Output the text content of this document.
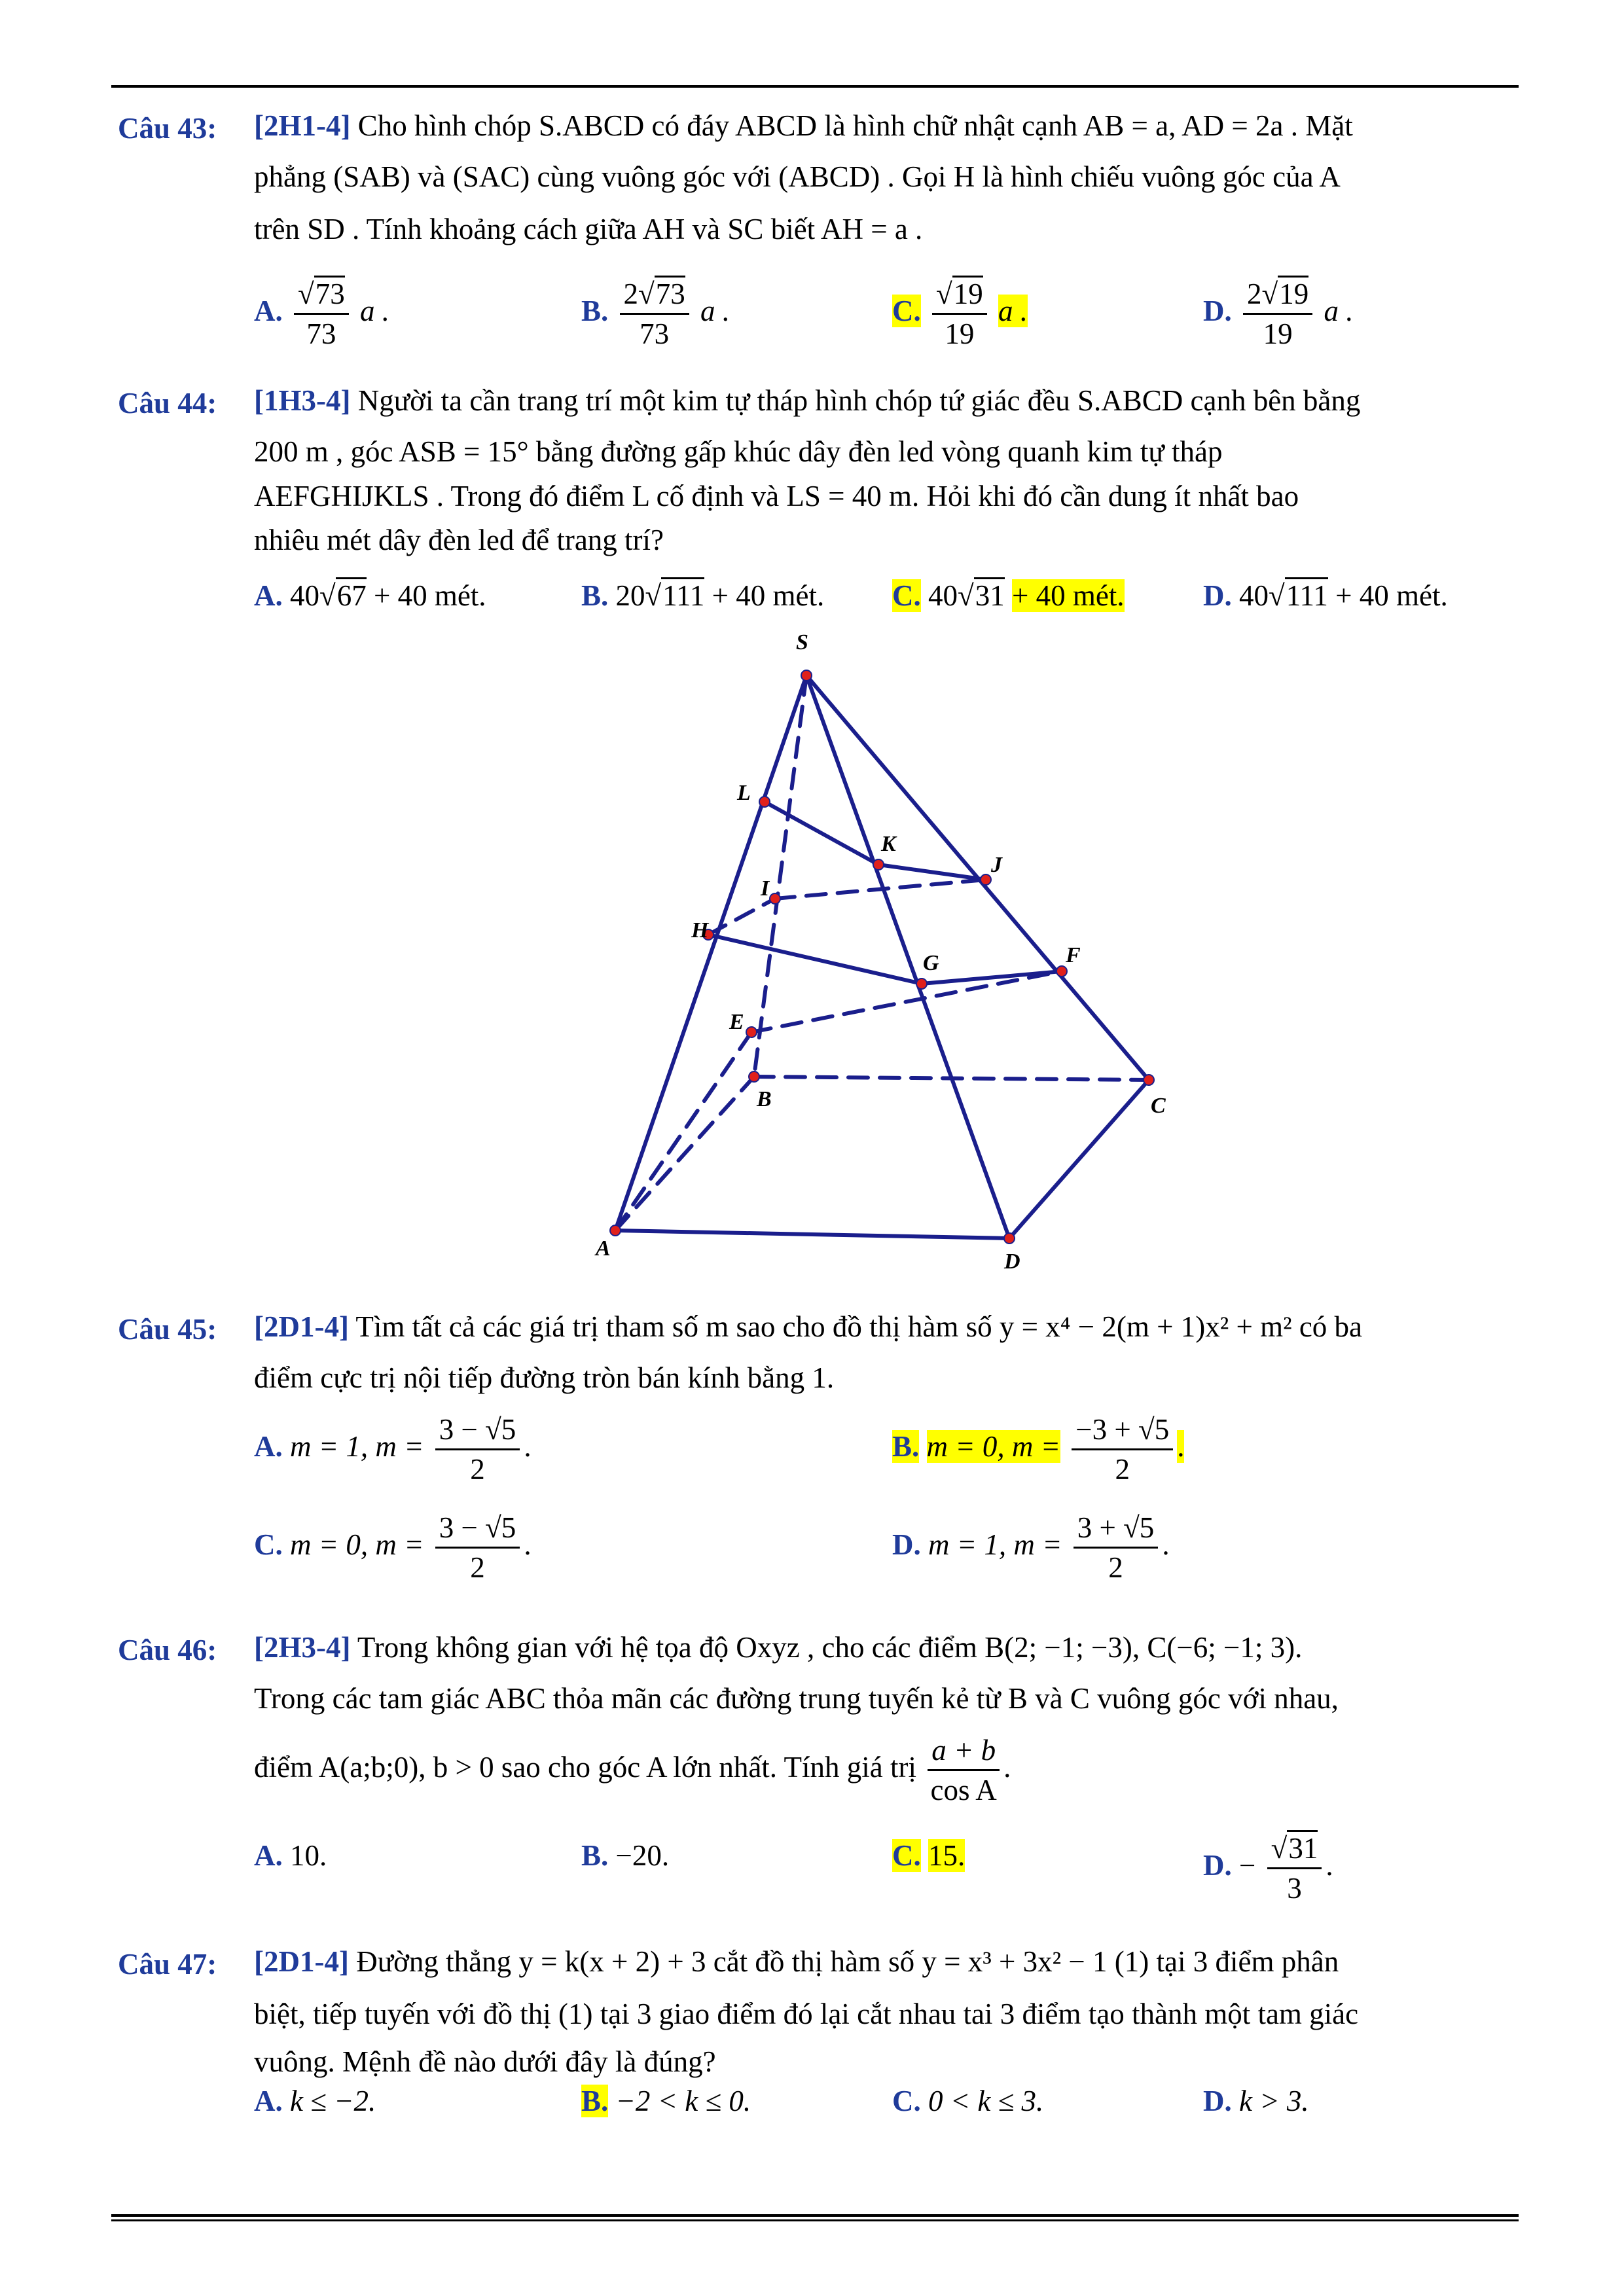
Câu 43: [2H1-4] Cho hình chóp S.ABCD có đáy ABCD là hình chữ nhật cạnh AB = a, AD = 2a . Mặt
phẳng (SAB) và (SAC) cùng vuông góc với (ABCD) . Gọi H là hình chiếu vuông góc của A
trên SD . Tính khoảng cách giữa AH và SC biết AH = a .
A. $\frac{√73}{73}$ a .	B. $\frac{2√73}{73}$ a .	C. $\frac{√19}{19}$ a .	D. $\frac{2√19}{19}$ a .
Câu 44: [1H3-4] Người ta cần trang trí một kim tự tháp hình chóp tứ giác đều S.ABCD cạnh bên bằng
200 m , góc ASB = 15° bằng đường gấp khúc dây đèn led vòng quanh kim tự tháp
AEFGHIJKLS . Trong đó điểm L cố định và LS = 40 m. Hỏi khi đó cần dung ít nhất bao
nhiêu mét dây đèn led để trang trí?
A. 40√67 + 40 mét.	B. 20√111 + 40 mét. C. 40√31 + 40 mét.	D. 40√111 + 40 mét.
S
L
K
J
I
H
G	F
E
B	C
A
D
Câu 45: [2D1-4] Tìm tất cả các giá trị tham số m sao cho đồ thị hàm số y = x⁴ − 2(m + 1)x² + m² có ba
điểm cực trị nội tiếp đường tròn bán kính bằng 1.
A. m = 1, $m = \frac{3 - √5}{2}$ .	B. m = 0, $m = \frac{-3 + √5}{2}$ .
C. m = 0, $m = \frac{3 - √5}{2}$ .	D. m = 1, $m = \frac{3 + √5}{2}$ .
Câu 46: [2H3-4] Trong không gian với hệ tọa độ Oxyz , cho các điểm B(2; −1; −3), C(−6; −1; 3).
Trong các tam giác ABC thỏa mãn các đường trung tuyến kẻ từ B và C vuông góc với nhau,
điểm A(a;b;0), b > 0 sao cho góc A lớn nhất. Tính giá trị $\frac{a + b}{\text{cos A}}$ .
A. 10.	B. −20.	C. 15.	D. − $\frac{√31}{3}$ .
Câu 47: [2D1-4] Đường thẳng y = k(x + 2) + 3 cắt đồ thị hàm số y = x³ + 3x² − 1 (1) tại 3 điểm phân
biệt, tiếp tuyến với đồ thị (1) tại 3 giao điểm đó lại cắt nhau tai 3 điểm tạo thành một tam giác
vuông. Mệnh đề nào dưới đây là đúng?
A. k ≤ −2.	B. −2 < k ≤ 0.	C. 0 < k ≤ 3.	D. k > 3.
